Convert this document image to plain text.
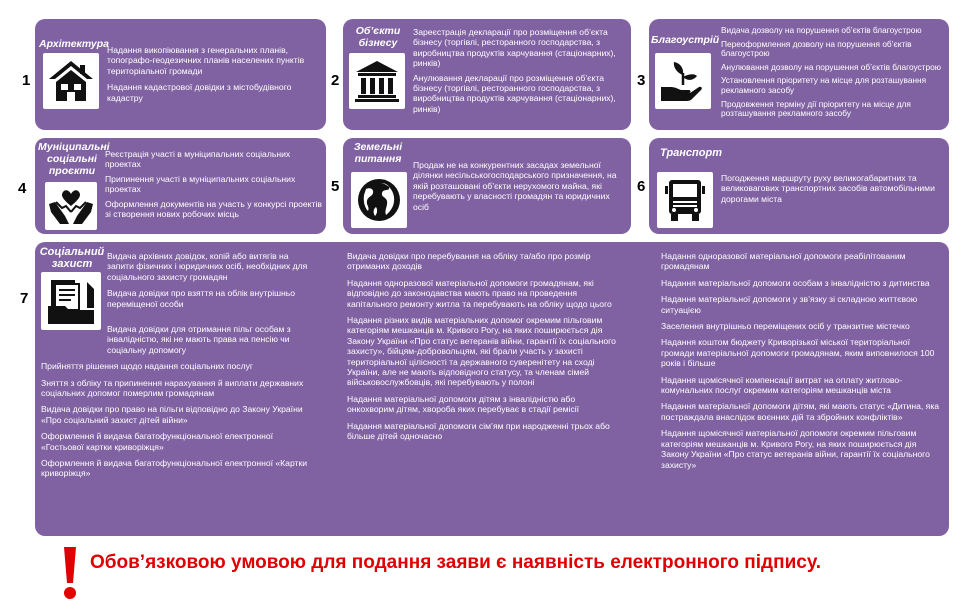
1
Архітектура

Надання викопіювання з генеральних планів, топографо-геодезичних планів населених пунктів територіальної громади

Надання кадастрової довідки з містобудівного кадастру

2
Об’єкти бізнесу

Зареєстрація декларації про розміщення об’єкта бізнесу (торгівлі, ресторанного господарства, з виробництва продуктів харчування (стаціонарних), ринків)

Анулювання декларації про розміщення об’єкта бізнесу (торгівлі, ресторанного господарства, з виробництва продуктів харчування (стаціонарних), ринків)

3
Благоустрій

Видача дозволу на порушення об’єктів благоустрою

Переоформлення дозволу на порушення об’єктів благоустрою

Анулювання дозволу на порушення об’єктів благоустрою

Установлення пріоритету на місце для розташування рекламного засобу

Продовження терміну дії пріоритету на місце для розташування рекламного засобу

4
Муніципальні соціальні проєкти

Реєстрація участі в муніципальних соціальних проектах

Припинення участі в муніципальних соціальних проектах

Оформлення документів на участь у конкурсі проектів зі створення нових робочих місць

5
Земельні питання	Продаж не на конкурентних засадах земельної ділянки несільськогосподарського призначення, на якій розташовані об’єкти нерухомого майна, які перебувають у власності громадян та юридичних осіб

6
Транспорт

Погодження маршруту руху великогабаритних та великовагових транспортних засобів автомобільними дорогами міста

7
Соціальний захист

Видача архівних довідок, копій або витягів на запити фізичних і юридичних осіб, необхідних для соціального захисту громадян

Видача довідки про взяття на облік внутрішньо переміщеної особи

Видача довідки для отримання пільг особам з інвалідністю, які не мають права на пенсію чи соціальну допомогу

Прийняття рішення щодо надання соціальних послуг

Зняття з обліку та припинення нарахування й виплати державних соціальних допомог померлим громадянам

Видача довідки про право на пільги відповідно до Закону України «Про соціальний захист дітей війни»

Оформлення й видача багатофункціональної електронної «Гостьової картки криворіжця»

Оформлення й видача багатофункціональної електронної «Картки криворіжця»

Видача довідки про перебування на обліку та/або про розмір отриманих доходів

Надання одноразової матеріальної допомоги громадянам, які відповідно до законодавства мають право на проведення капітального ремонту житла та перебувають на обліку щодо цього

Надання різних видів матеріальних допомог окремим пільговим категоріям мешканців м. Кривого Рогу, на яких поширюється дія Закону України «Про статус ветеранів війни, гарантії їх соціального захисту», бійцям-добровольцям, які брали участь у захисті територіальної цілісності та державного суверенітету на сході України, але не мають відповідного статусу, та членам сімей військовослужбовців, які перебувають у полоні

Надання матеріальної допомоги дітям з інвалідністю або онкохворим дітям, хвороба яких перебуває в стадії ремісії

Надання матеріальної допомоги сім’ям при народженні трьох або більше дітей одночасно

Надання одноразової матеріальної допомоги реабілітованим громадянам

Надання матеріальної допомоги особам з інвалідністю з дитинства

Надання матеріальної допомоги у зв’язку зі складною життєвою ситуацією

Заселення внутрішньо переміщених осіб у транзитне містечко

Надання коштом бюджету Криворізької міської територіальної громади матеріальної допомоги громадянам, яким виповнилося 100 років і більше

Надання щомісячної компенсації витрат на оплату житлово-комунальних послуг окремим категоріям мешканців міста

Надання матеріальної допомоги дітям, які мають статус «Дитина, яка постраждала внаслідок воєнних дій та збройних конфліктів»

Надання щомісячної матеріальної допомоги окремим пільговим категоріям мешканців м. Кривого Рогу, на яких поширюється дія Закону України «Про статус ветеранів війни, гарантії їх соціального захисту»

Обов’язковою умовою для подання заяви є наявність електронного підпису.
